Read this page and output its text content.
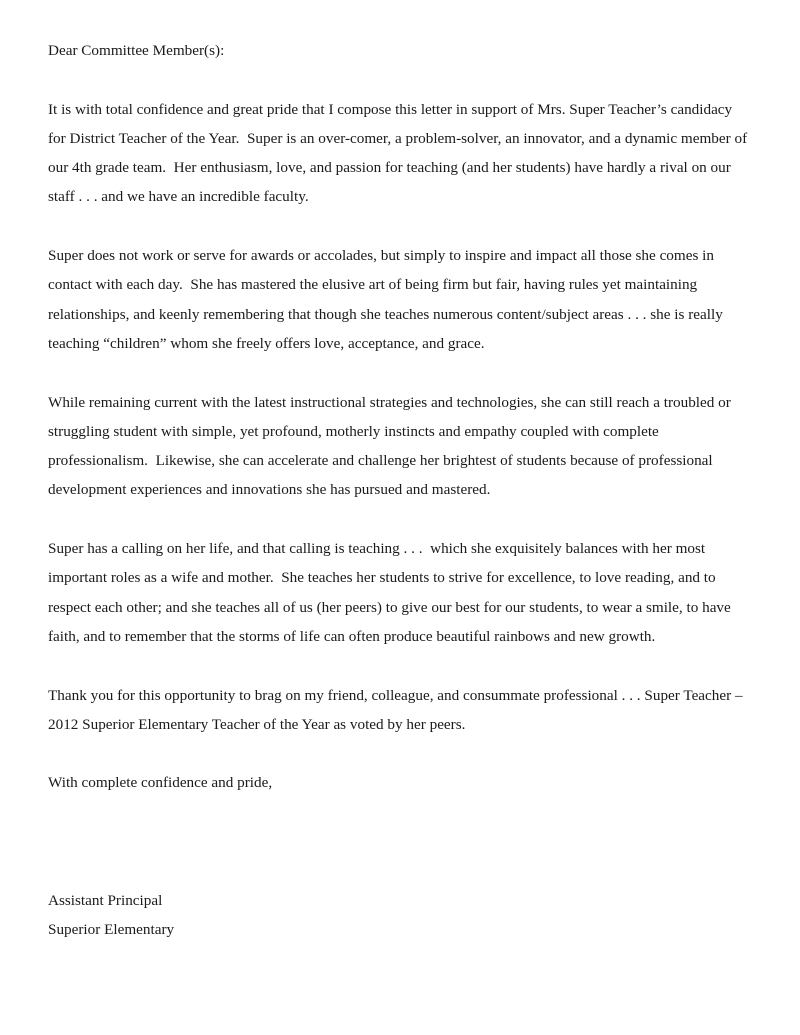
Dear Committee Member(s):

It is with total confidence and great pride that I compose this letter in support of Mrs. Super Teacher’s candidacy for District Teacher of the Year.  Super is an over-comer, a problem-solver, an innovator, and a dynamic member of our 4th grade team.  Her enthusiasm, love, and passion for teaching (and her students) have hardly a rival on our staff . . . and we have an incredible faculty.

Super does not work or serve for awards or accolades, but simply to inspire and impact all those she comes in contact with each day.  She has mastered the elusive art of being firm but fair, having rules yet maintaining relationships, and keenly remembering that though she teaches numerous content/subject areas . . . she is really teaching “children” whom she freely offers love, acceptance, and grace.

While remaining current with the latest instructional strategies and technologies, she can still reach a troubled or struggling student with simple, yet profound, motherly instincts and empathy coupled with complete professionalism.  Likewise, she can accelerate and challenge her brightest of students because of professional development experiences and innovations she has pursued and mastered.

Super has a calling on her life, and that calling is teaching . . .  which she exquisitely balances with her most important roles as a wife and mother.  She teaches her students to strive for excellence, to love reading, and to respect each other; and she teaches all of us (her peers) to give our best for our students, to wear a smile, to have faith, and to remember that the storms of life can often produce beautiful rainbows and new growth.

Thank you for this opportunity to brag on my friend, colleague, and consummate professional . . . Super Teacher – 2012 Superior Elementary Teacher of the Year as voted by her peers.

With complete confidence and pride,

Assistant Principal

Superior Elementary
